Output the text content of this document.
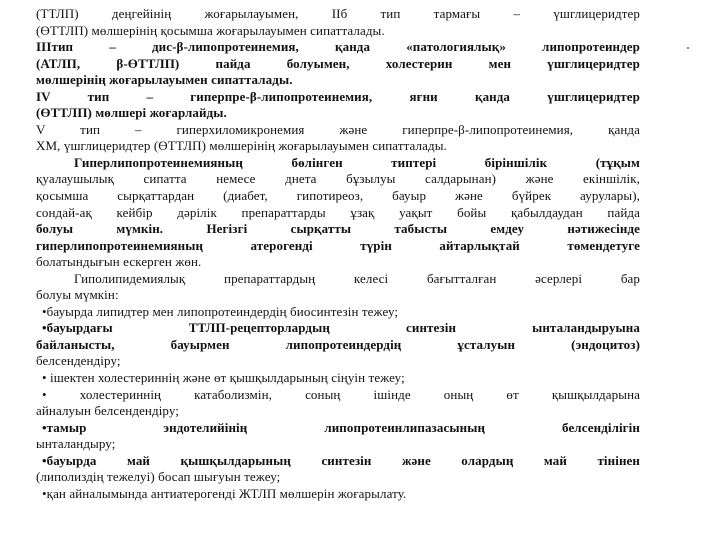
(ТТЛП) деңгейінің жоғарылауымен, IIб тип тармағы – үшглицеридтер
(ӨТТЛП) мөлшерінің қосымша жоғарылауымен сипатталады.
IIIтип – дис-β-липопротеинемия, қанда «патологиялық» липопротеиндер
(АТЛП, β-ӨТТЛП) пайда болуымен, холестерин мен үшглицеридтер
мөлшерінің жоғарылауымен сипатталады.
IV тип – гиперпре-β-липопротеинемия, яғни қанда үшглицеридтер
(ӨТТЛП) мөлшері жоғарлайды.
V тип – гиперхиломикронемия және гиперпре-β-липопротеинемия, қанда
ХМ, үшглицеридтер (ӨТТЛП) мөлшерінің жоғарылауымен сипатталады.
Гиперлипопротеинемияның бөлінген типтері біріншілік (тұқым
қуалаушылық сипатта немесе днета бұзылуы салдарынан) және екіншілік,
қосымша сырқаттардан (диабет, гипотиреоз, бауыр және бүйрек аурулары),
сондай-ақ кейбір дәрілік препараттарды ұзақ уақыт бойы қабылдаудан пайда
болуы мүмкін. Негізгі сырқатты табысты емдеу нәтижесінде
гиперлипопротеинемияның атерогенді түрін айтарлықтай төмендетуге
болатындығын ескерген жөн.
Гиполипидемиялық препараттардың келесі бағытталған әсерлері бар
болуы мүмкін:
•бауырда липидтер мен липопротеиндердің биосинтезін тежеу;
•бауырдағы ТТЛП-рецепторлардың синтезін ынталандыруына
байланысты, бауырмен липопротеиндердің ұсталуын (эндоцитоз)
белсендендіру;
• ішектен холестериннің және өт қышқылдарының сіңуін тежеу;
• холестериннің катаболизмін, соның ішінде оның өт қышқылдарына
айналуын белсендендіру;
•тамыр эндотелийінің липопротеинлипазасының белсенділігін
ынталандыру;
•бауырда май қышқылдарының синтезін және олардың май тінінен
(липолиздің тежелуі) босап шығуын тежеу;
•қан айналымында антиатерогенді ЖТЛП мөлшерін жоғарылату.
